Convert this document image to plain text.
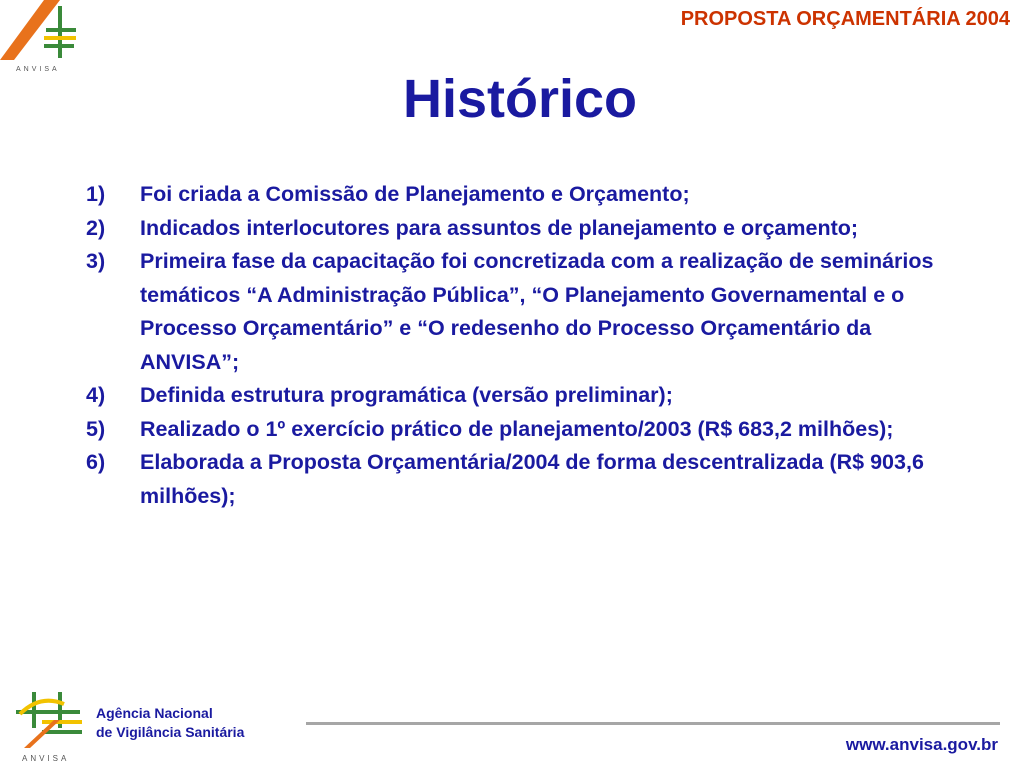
ANVISA
PROPOSTA ORÇAMENTÁRIA 2004
Histórico
1)	Foi criada a Comissão de Planejamento e Orçamento;
2)	Indicados interlocutores para assuntos de planejamento e orçamento;
3)	Primeira fase da capacitação foi concretizada com a realização de seminários temáticos “A Administração Pública”, “O Planejamento Governamental e o Processo Orçamentário” e “O redesenho do Processo Orçamentário da ANVISA”;
4)	Definida estrutura programática (versão preliminar);
5)	Realizado o 1º exercício prático de planejamento/2003 (R$ 683,2 milhões);
6)	Elaborada a Proposta Orçamentária/2004 de forma descentralizada (R$ 903,6 milhões);
ANVISA
Agência Nacional
de Vigilância Sanitária
www.anvisa.gov.br
